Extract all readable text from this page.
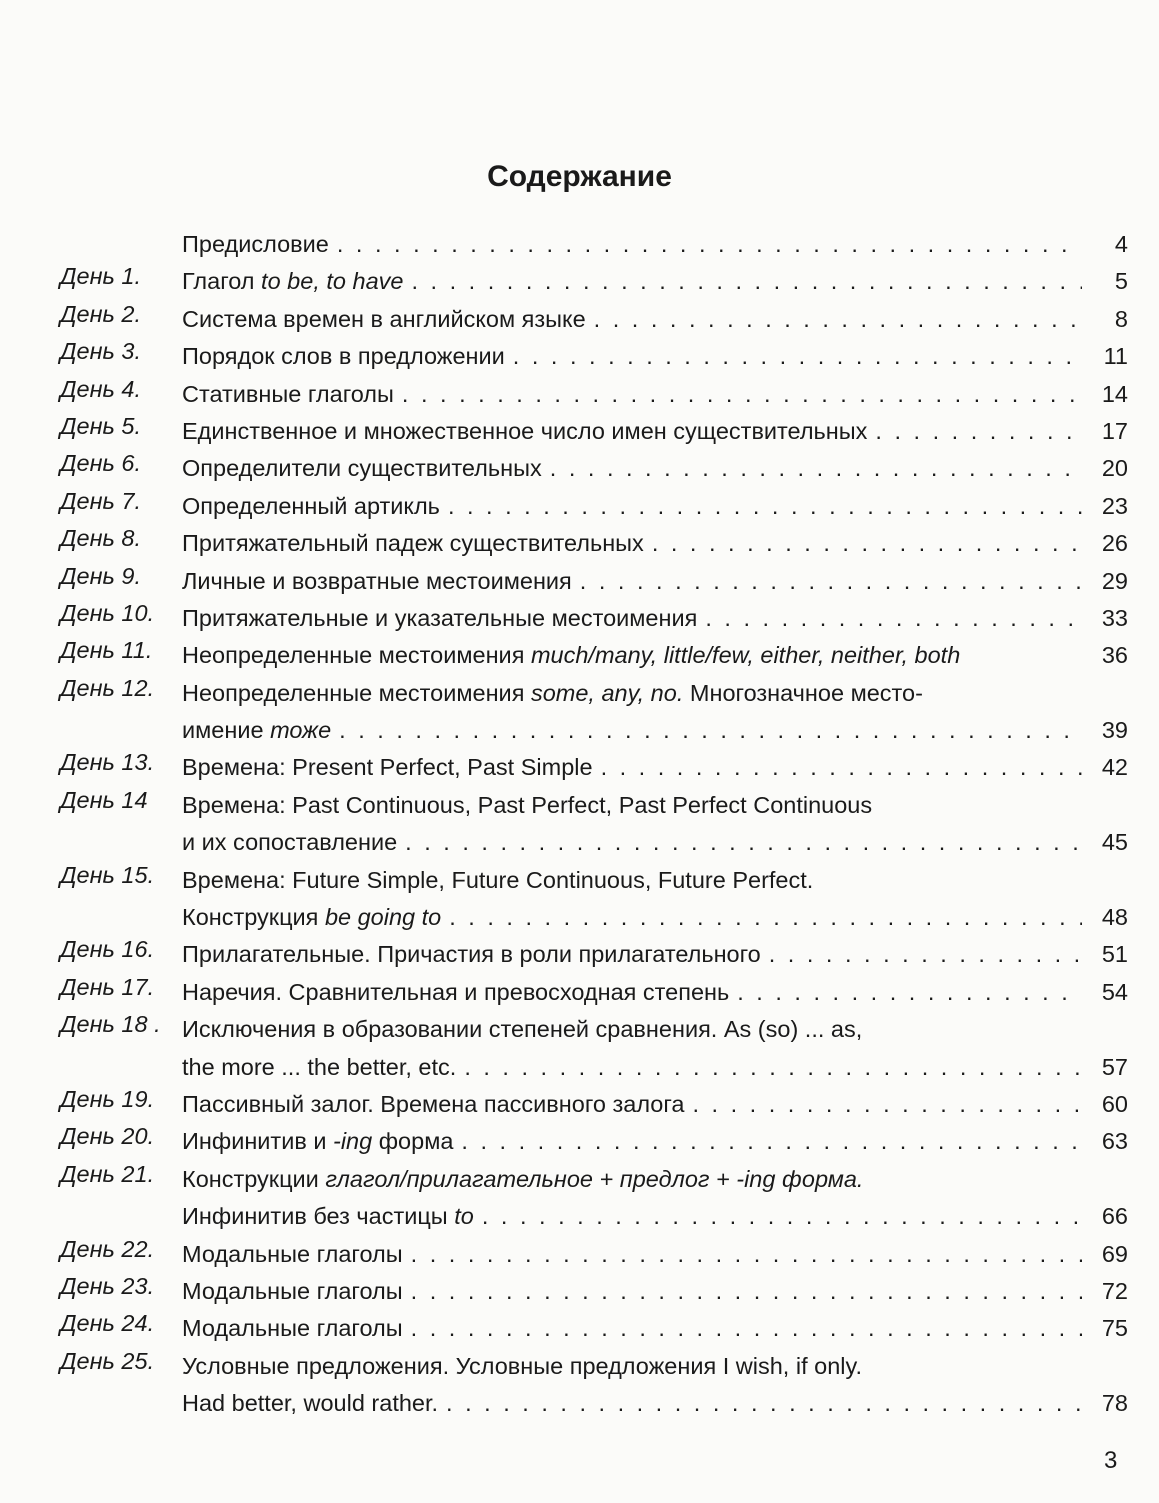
Содержание
Предисловие . . .	4
День 1.	Глагол to be, to have . . .	5
День 2.	Система времен в английском языке . . .	8
День 3.	Порядок слов в предложении . . .	11
День 4.	Стативные глаголы . . .	14
День 5.	Единственное и множественное число имен существительных . . .	17
День 6.	Определители существительных . . .	20
День 7.	Определенный артикль . . .	23
День 8.	Притяжательный падеж существительных . . .	26
День 9.	Личные и возвратные местоимения . . .	29
День 10.	Притяжательные и указательные местоимения . . .	33
День 11.	Неопределенные местоимения much/many, little/few, either, neither, both	36
День 12.	Неопределенные местоимения some, any, no. Многозначное место-
имение тоже . . .	39
День 13.	Времена: Present Perfect, Past Simple . . .	42
День 14	Времена: Past Continuous, Past Perfect, Past Perfect Continuous
и их сопоставление . . .	45
День 15.	Времена: Future Simple, Future Continuous, Future Perfect.
Конструкция be going to . . .	48
День 16.	Прилагательные. Причастия в роли прилагательного . . .	51
День 17.	Наречия. Сравнительная и превосходная степень . . .	54
День 18 . Исключения в образовании степеней сравнения. As (so) ... as,
the more ... the better, etc. . . .	57
День 19.	Пассивный залог. Времена пассивного залога . . .	60
День 20.	Инфинитив и -ing форма . . .	63
День 21.	Конструкции глагол/прилагательное + предлог + -ing форма.
Инфинитив без частицы to . . .	66
День 22.	Модальные глаголы . . .	69
День 23.	Модальные глаголы . . .	72
День 24.	Модальные глаголы . . .	75
День 25.	Условные предложения. Условные предложения I wish, if only.
Had better, would rather. . . .	78
3
